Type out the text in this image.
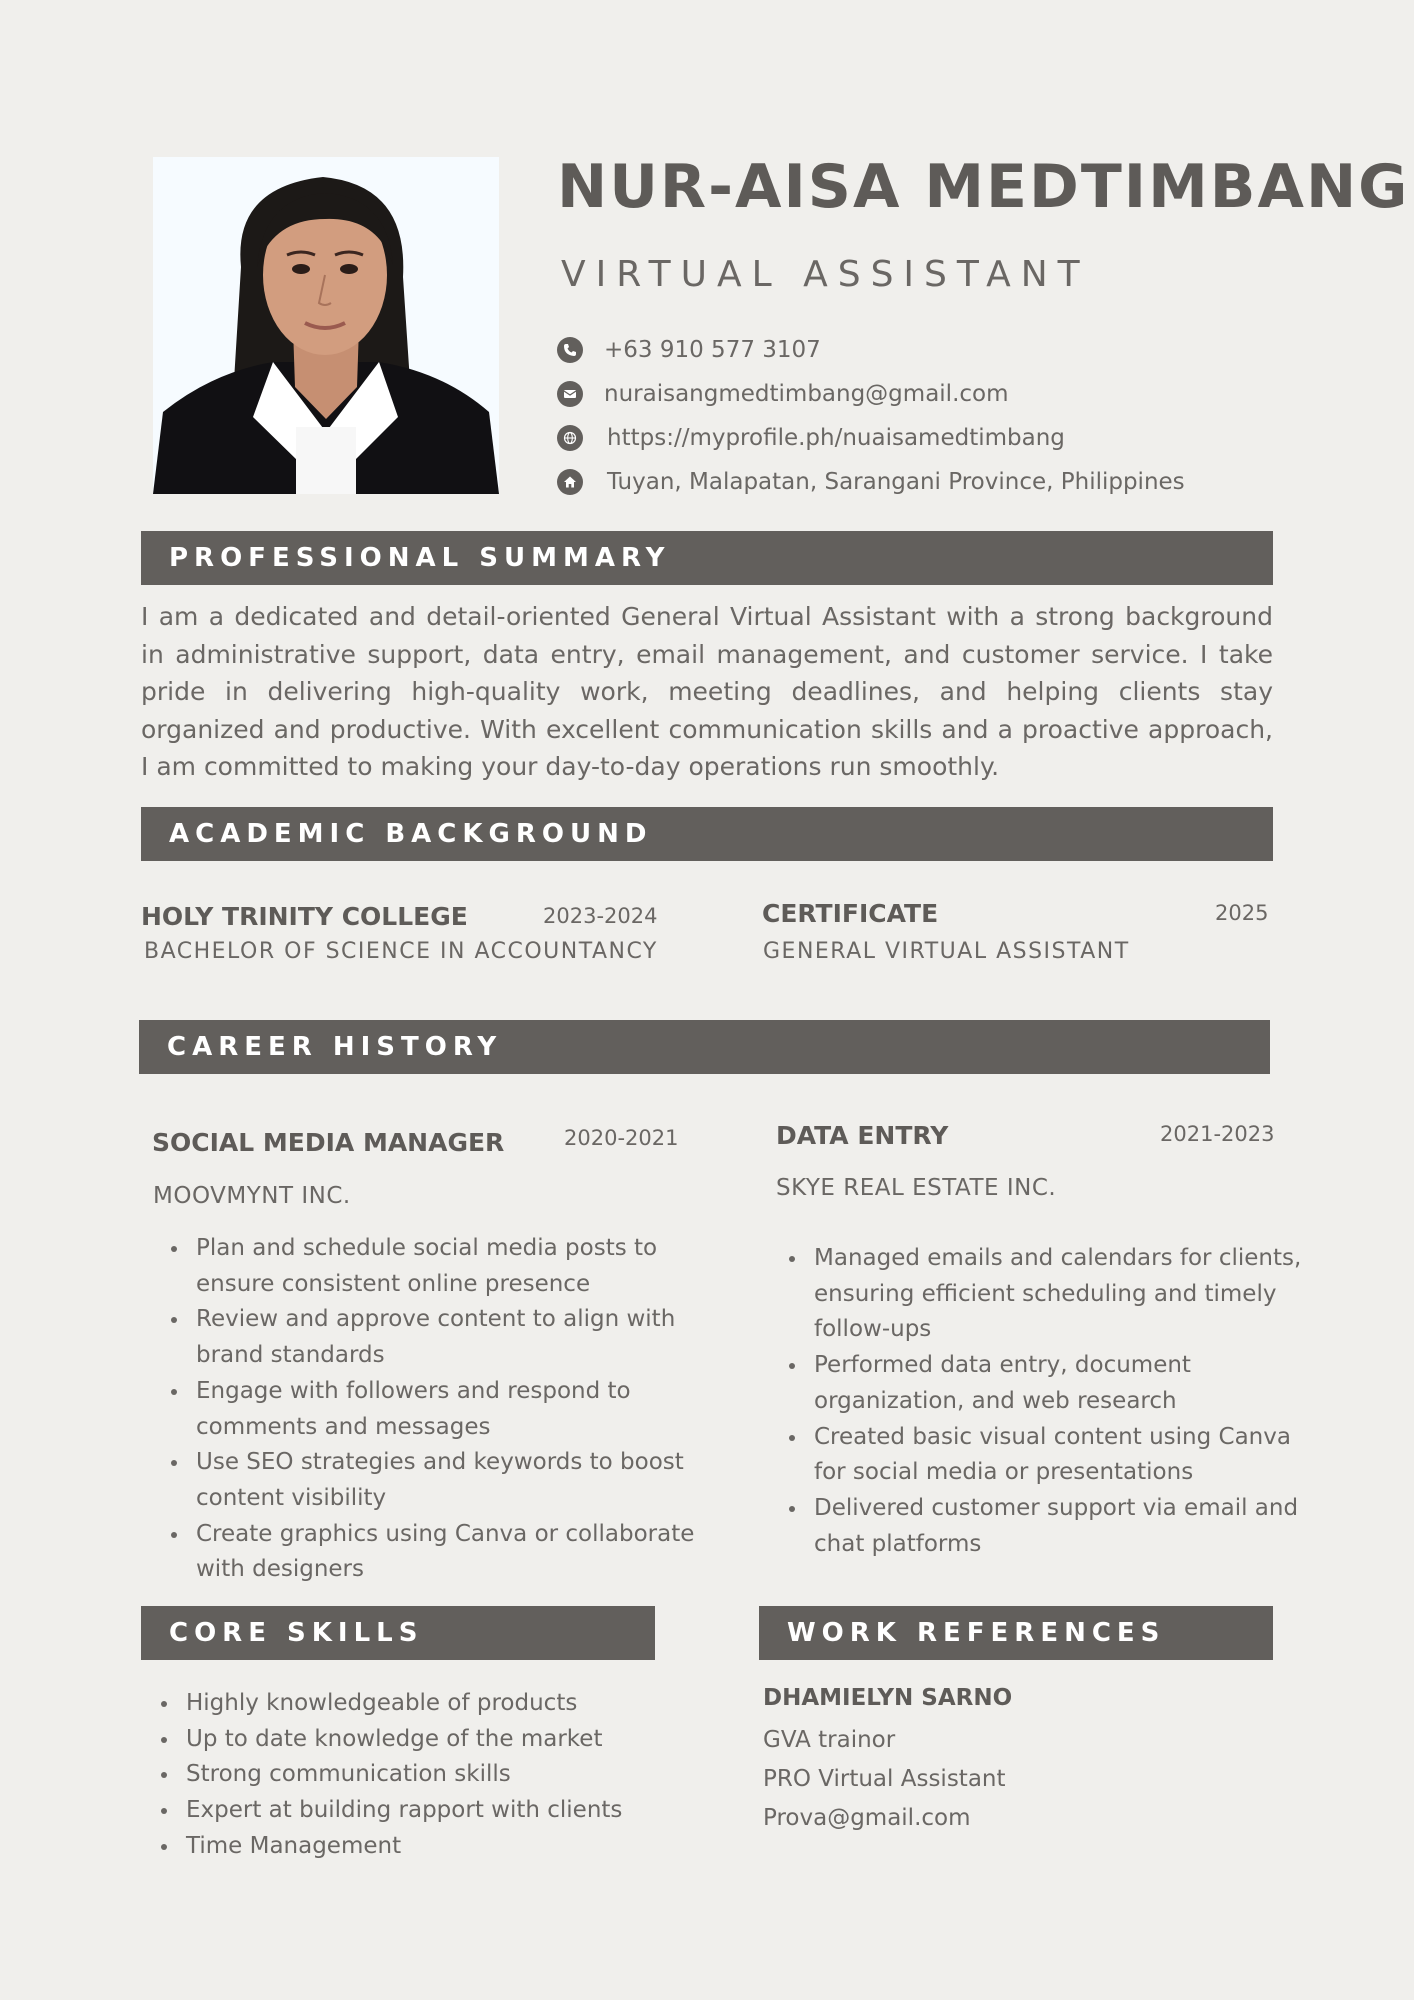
NUR-AISA MEDTIMBANG
VIRTUAL ASSISTANT
+63 910 577 3107
nuraisangmedtimbang@gmail.com
https://myprofile.ph/nuaisamedtimbang
Tuyan, Malapatan, Sarangani Province, Philippines
PROFESSIONAL SUMMARY
I am a dedicated and detail-oriented General Virtual Assistant with a strong background in administrative support, data entry, email management, and customer service. I take pride in delivering high-quality work, meeting deadlines, and helping clients stay organized and productive. With excellent communication skills and a proactive approach, I am committed to making your day-to-day operations run smoothly.
ACADEMIC BACKGROUND
HOLY TRINITY COLLEGE	2023-2024
BACHELOR OF SCIENCE IN ACCOUNTANCY
CERTIFICATE	2025
GENERAL VIRTUAL ASSISTANT
CAREER HISTORY
SOCIAL MEDIA MANAGER	2020-2021
MOOVMYNT INC.
Plan and schedule social media posts to
ensure consistent online presence
Review and approve content to align with
brand standards
Engage with followers and respond to
comments and messages
Use SEO strategies and keywords to boost
content visibility
Create graphics using Canva or collaborate
with designers
DATA ENTRY	2021-2023
SKYE REAL ESTATE INC.
Managed emails and calendars for clients,
ensuring efficient scheduling and timely
follow-ups
Performed data entry, document
organization, and web research
Created basic visual content using Canva
for social media or presentations
Delivered customer support via email and
chat platforms
CORE SKILLS
Highly knowledgeable of products
Up to date knowledge of the market
Strong communication skills
Expert at building rapport with clients
Time Management
WORK REFERENCES
DHAMIELYN SARNO
GVA trainor
PRO Virtual Assistant
Prova@gmail.com
